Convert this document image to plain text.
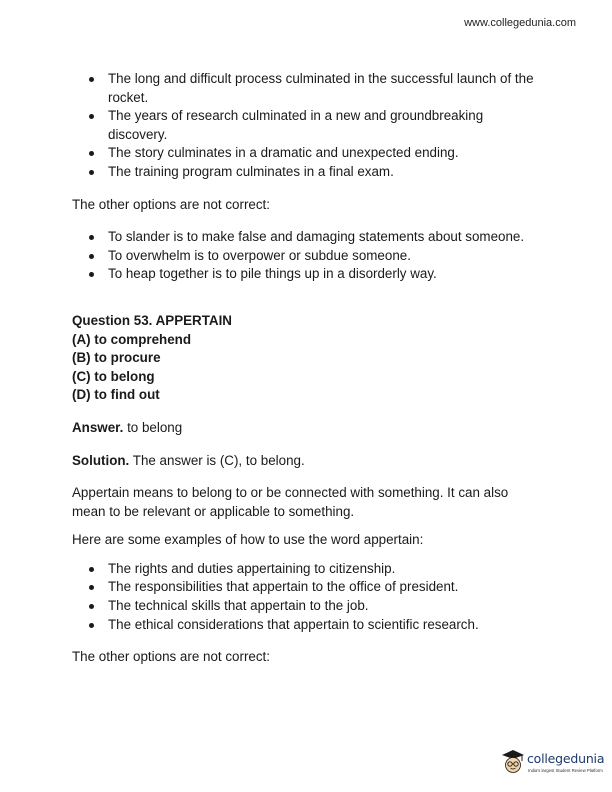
www.collegedunia.com
The long and difficult process culminated in the successful launch of the rocket.
The years of research culminated in a new and groundbreaking discovery.
The story culminates in a dramatic and unexpected ending.
The training program culminates in a final exam.

The other options are not correct:

To slander is to make false and damaging statements about someone.
To overwhelm is to overpower or subdue someone.
To heap together is to pile things up in a disorderly way.

Question 53. APPERTAIN

(A) to comprehend

(B) to procure

(C) to belong

(D) to find out

Answer. to belong

Solution. The answer is (C), to belong.

Appertain means to belong to or be connected with something. It can also mean to be relevant or applicable to something.

Here are some examples of how to use the word appertain:

The rights and duties appertaining to citizenship.
The responsibilities that appertain to the office of president.
The technical skills that appertain to the job.
The ethical considerations that appertain to scientific research.

The other options are not correct:

collegedunia
India's largest Student Review Platform
